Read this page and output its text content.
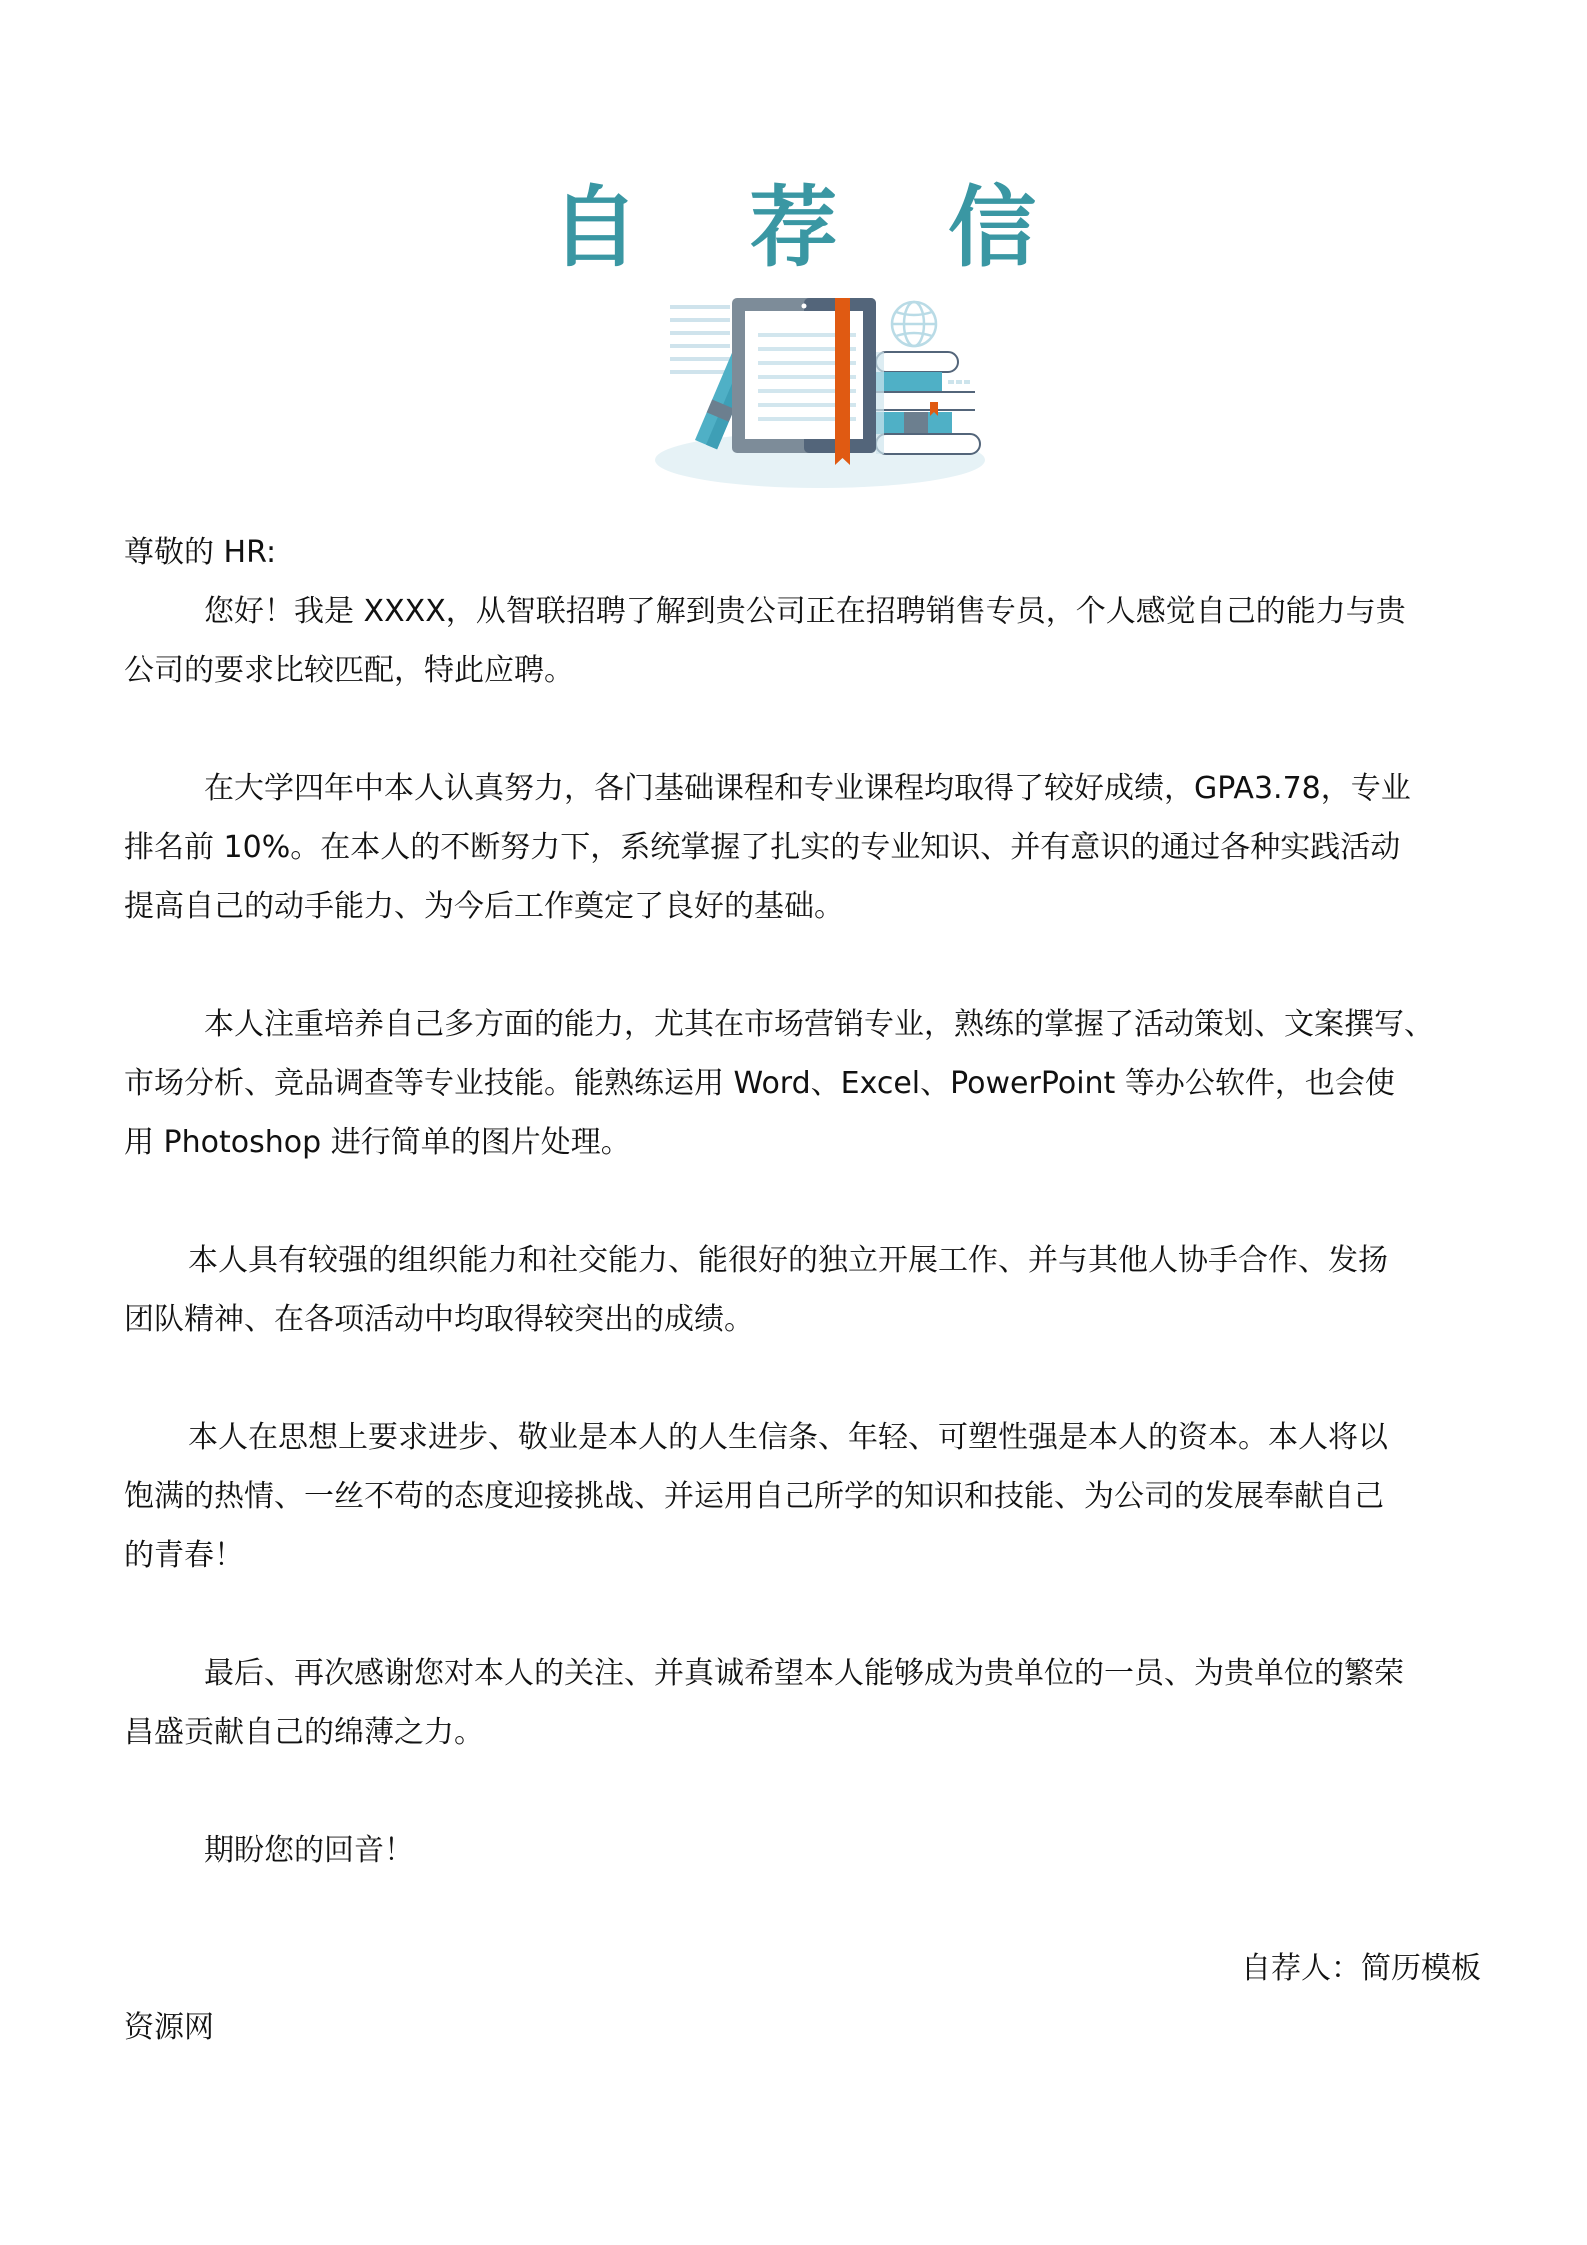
自 荐 信
尊敬的 HR:
您好！我是 XXXX，从智联招聘了解到贵公司正在招聘销售专员，个人感觉自己的能力与贵
公司的要求比较匹配，特此应聘。
在大学四年中本人认真努力，各门基础课程和专业课程均取得了较好成绩，GPA3.78，专业
排名前 10%。在本人的不断努力下，系统掌握了扎实的专业知识、并有意识的通过各种实践活动
提高自己的动手能力、为今后工作奠定了良好的基础。
本人注重培养自己多方面的能力，尤其在市场营销专业，熟练的掌握了活动策划、文案撰写、
市场分析、竞品调查等专业技能。能熟练运用 Word、Excel、PowerPoint 等办公软件，也会使
用 Photoshop 进行简单的图片处理。
本人具有较强的组织能力和社交能力、能很好的独立开展工作、并与其他人协手合作、发扬
团队精神、在各项活动中均取得较突出的成绩。
本人在思想上要求进步、敬业是本人的人生信条、年轻、可塑性强是本人的资本。本人将以
饱满的热情、一丝不苟的态度迎接挑战、并运用自己所学的知识和技能、为公司的发展奉献自己
的青春！
最后、再次感谢您对本人的关注、并真诚希望本人能够成为贵单位的一员、为贵单位的繁荣
昌盛贡献自己的绵薄之力。
期盼您的回音！
自荐人：简历模板
资源网
